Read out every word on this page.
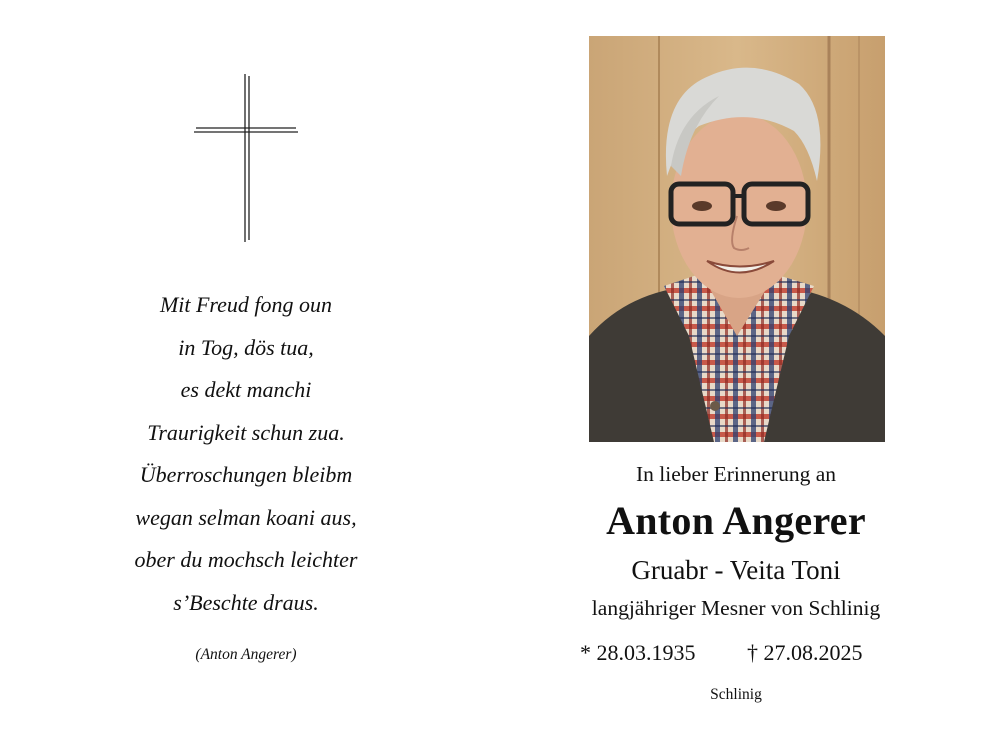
Mit Freud fong oun
in Tog, dös tua,
es dekt manchi
Traurigkeit schun zua.
Überroschungen bleibm
wegan selman koani aus,
ober du mochsch leichter
s’Beschte draus.
(Anton Angerer)
In lieber Erinnerung an
Anton Angerer
Gruabr - Veita Toni
langjähriger Mesner von Schlinig
* 28.03.1935 † 27.08.2025
Schlinig
